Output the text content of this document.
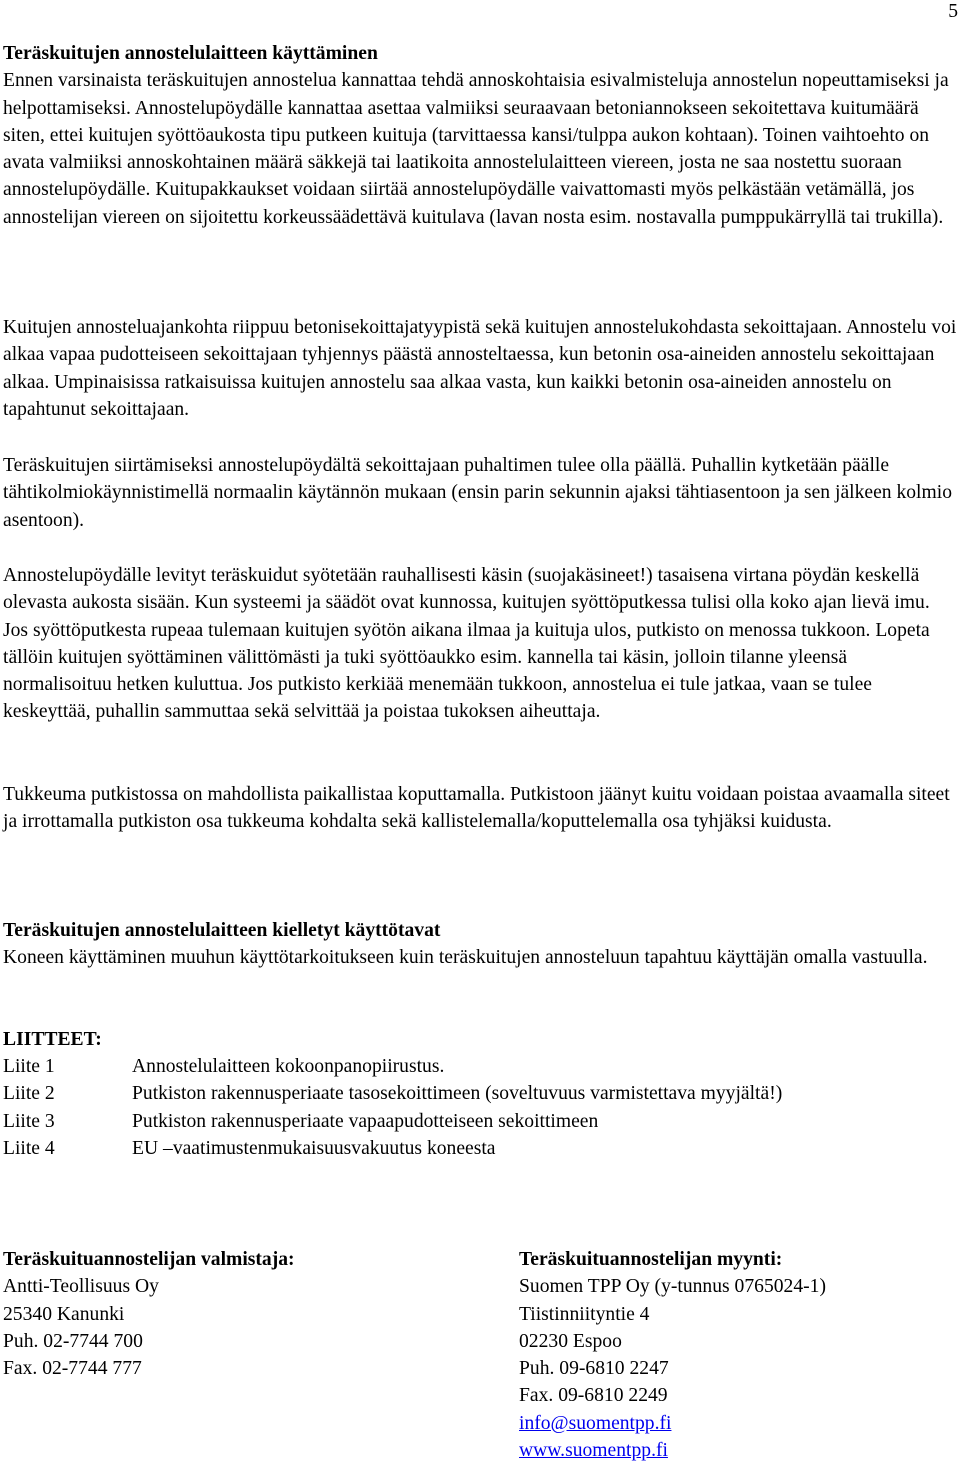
5
Teräskuitujen annostelulaitteen käyttäminen

Ennen varsinaista teräskuitujen annostelua kannattaa tehdä annoskohtaisia esivalmisteluja annostelun nopeuttamiseksi ja helpottamiseksi. Annostelupöydälle kannattaa asettaa valmiiksi seuraavaan betoniannokseen sekoitettava kuitumäärä siten, ettei kuitujen syöttöaukosta tipu putkeen kuituja (tarvittaessa kansi/tulppa aukon kohtaan). Toinen vaihtoehto on avata valmiiksi annoskohtainen määrä säkkejä tai laatikoita annostelulaitteen viereen, josta ne saa nostettu suoraan annostelupöydälle. Kuitupakkaukset voidaan siirtää annostelupöydälle vaivattomasti myös pelkästään vetämällä, jos annostelijan viereen on sijoitettu korkeussäädettävä kuitulava (lavan nosta esim. nostavalla pumppukärryllä tai trukilla).

Kuitujen annosteluajankohta riippuu betonisekoittajatyypistä sekä kuitujen annostelukohdasta sekoittajaan. Annostelu voi alkaa vapaa pudotteiseen sekoittajaan tyhjennys päästä annosteltaessa, kun betonin osa-aineiden annostelu sekoittajaan alkaa. Umpinaisissa ratkaisuissa kuitujen annostelu saa alkaa vasta, kun kaikki betonin osa-aineiden annostelu on tapahtunut sekoittajaan.

Teräskuitujen siirtämiseksi annostelupöydältä sekoittajaan puhaltimen tulee olla päällä. Puhallin kytketään päälle tähtikolmiokäynnistimellä normaalin käytännön mukaan (ensin parin sekunnin ajaksi tähtiasentoon ja sen jälkeen kolmio asentoon).

Annostelupöydälle levityt teräskuidut syötetään rauhallisesti käsin (suojakäsineet!) tasaisena virtana pöydän keskellä olevasta aukosta sisään. Kun systeemi ja säädöt ovat kunnossa, kuitujen syöttöputkessa tulisi olla koko ajan lievä imu. Jos syöttöputkesta rupeaa tulemaan kuitujen syötön aikana ilmaa ja kuituja ulos, putkisto on menossa tukkoon. Lopeta tällöin kuitujen syöttäminen välittömästi ja tuki syöttöaukko esim. kannella tai käsin, jolloin tilanne yleensä normalisoituu hetken kuluttua. Jos putkisto kerkiää menemään tukkoon, annostelua ei tule jatkaa, vaan se tulee keskeyttää, puhallin sammuttaa sekä selvittää ja poistaa tukoksen aiheuttaja.

Tukkeuma putkistossa on mahdollista paikallistaa koputtamalla. Putkistoon jäänyt kuitu voidaan poistaa avaamalla siteet ja irrottamalla putkiston osa tukkeuma kohdalta sekä kallistelemalla/koputtelemalla osa tyhjäksi kuidusta.

Teräskuitujen annostelulaitteen kielletyt käyttötavat

Koneen käyttäminen muuhun käyttötarkoitukseen kuin teräskuitujen annosteluun tapahtuu käyttäjän omalla vastuulla.

LIITTEET:
Liite 1	Annostelulaitteen kokoonpanopiirustus.
Liite 2	Putkiston rakennusperiaate tasosekoittimeen (soveltuvuus varmistettava myyjältä!)
Liite 3	Putkiston rakennusperiaate vapaapudotteiseen sekoittimeen
Liite 4	EU –vaatimustenmukaisuusvakuutus koneesta
Teräskuituannostelijan valmistaja:
Antti-Teollisuus Oy
25340 Kanunki
Puh. 02-7744 700
Fax. 02-7744 777
Teräskuituannostelijan myynti:
Suomen TPP Oy (y-tunnus 0765024-1)
Tiistinniityntie 4
02230 Espoo
Puh. 09-6810 2247
Fax. 09-6810 2249
info@suomentpp.fi
www.suomentpp.fi
